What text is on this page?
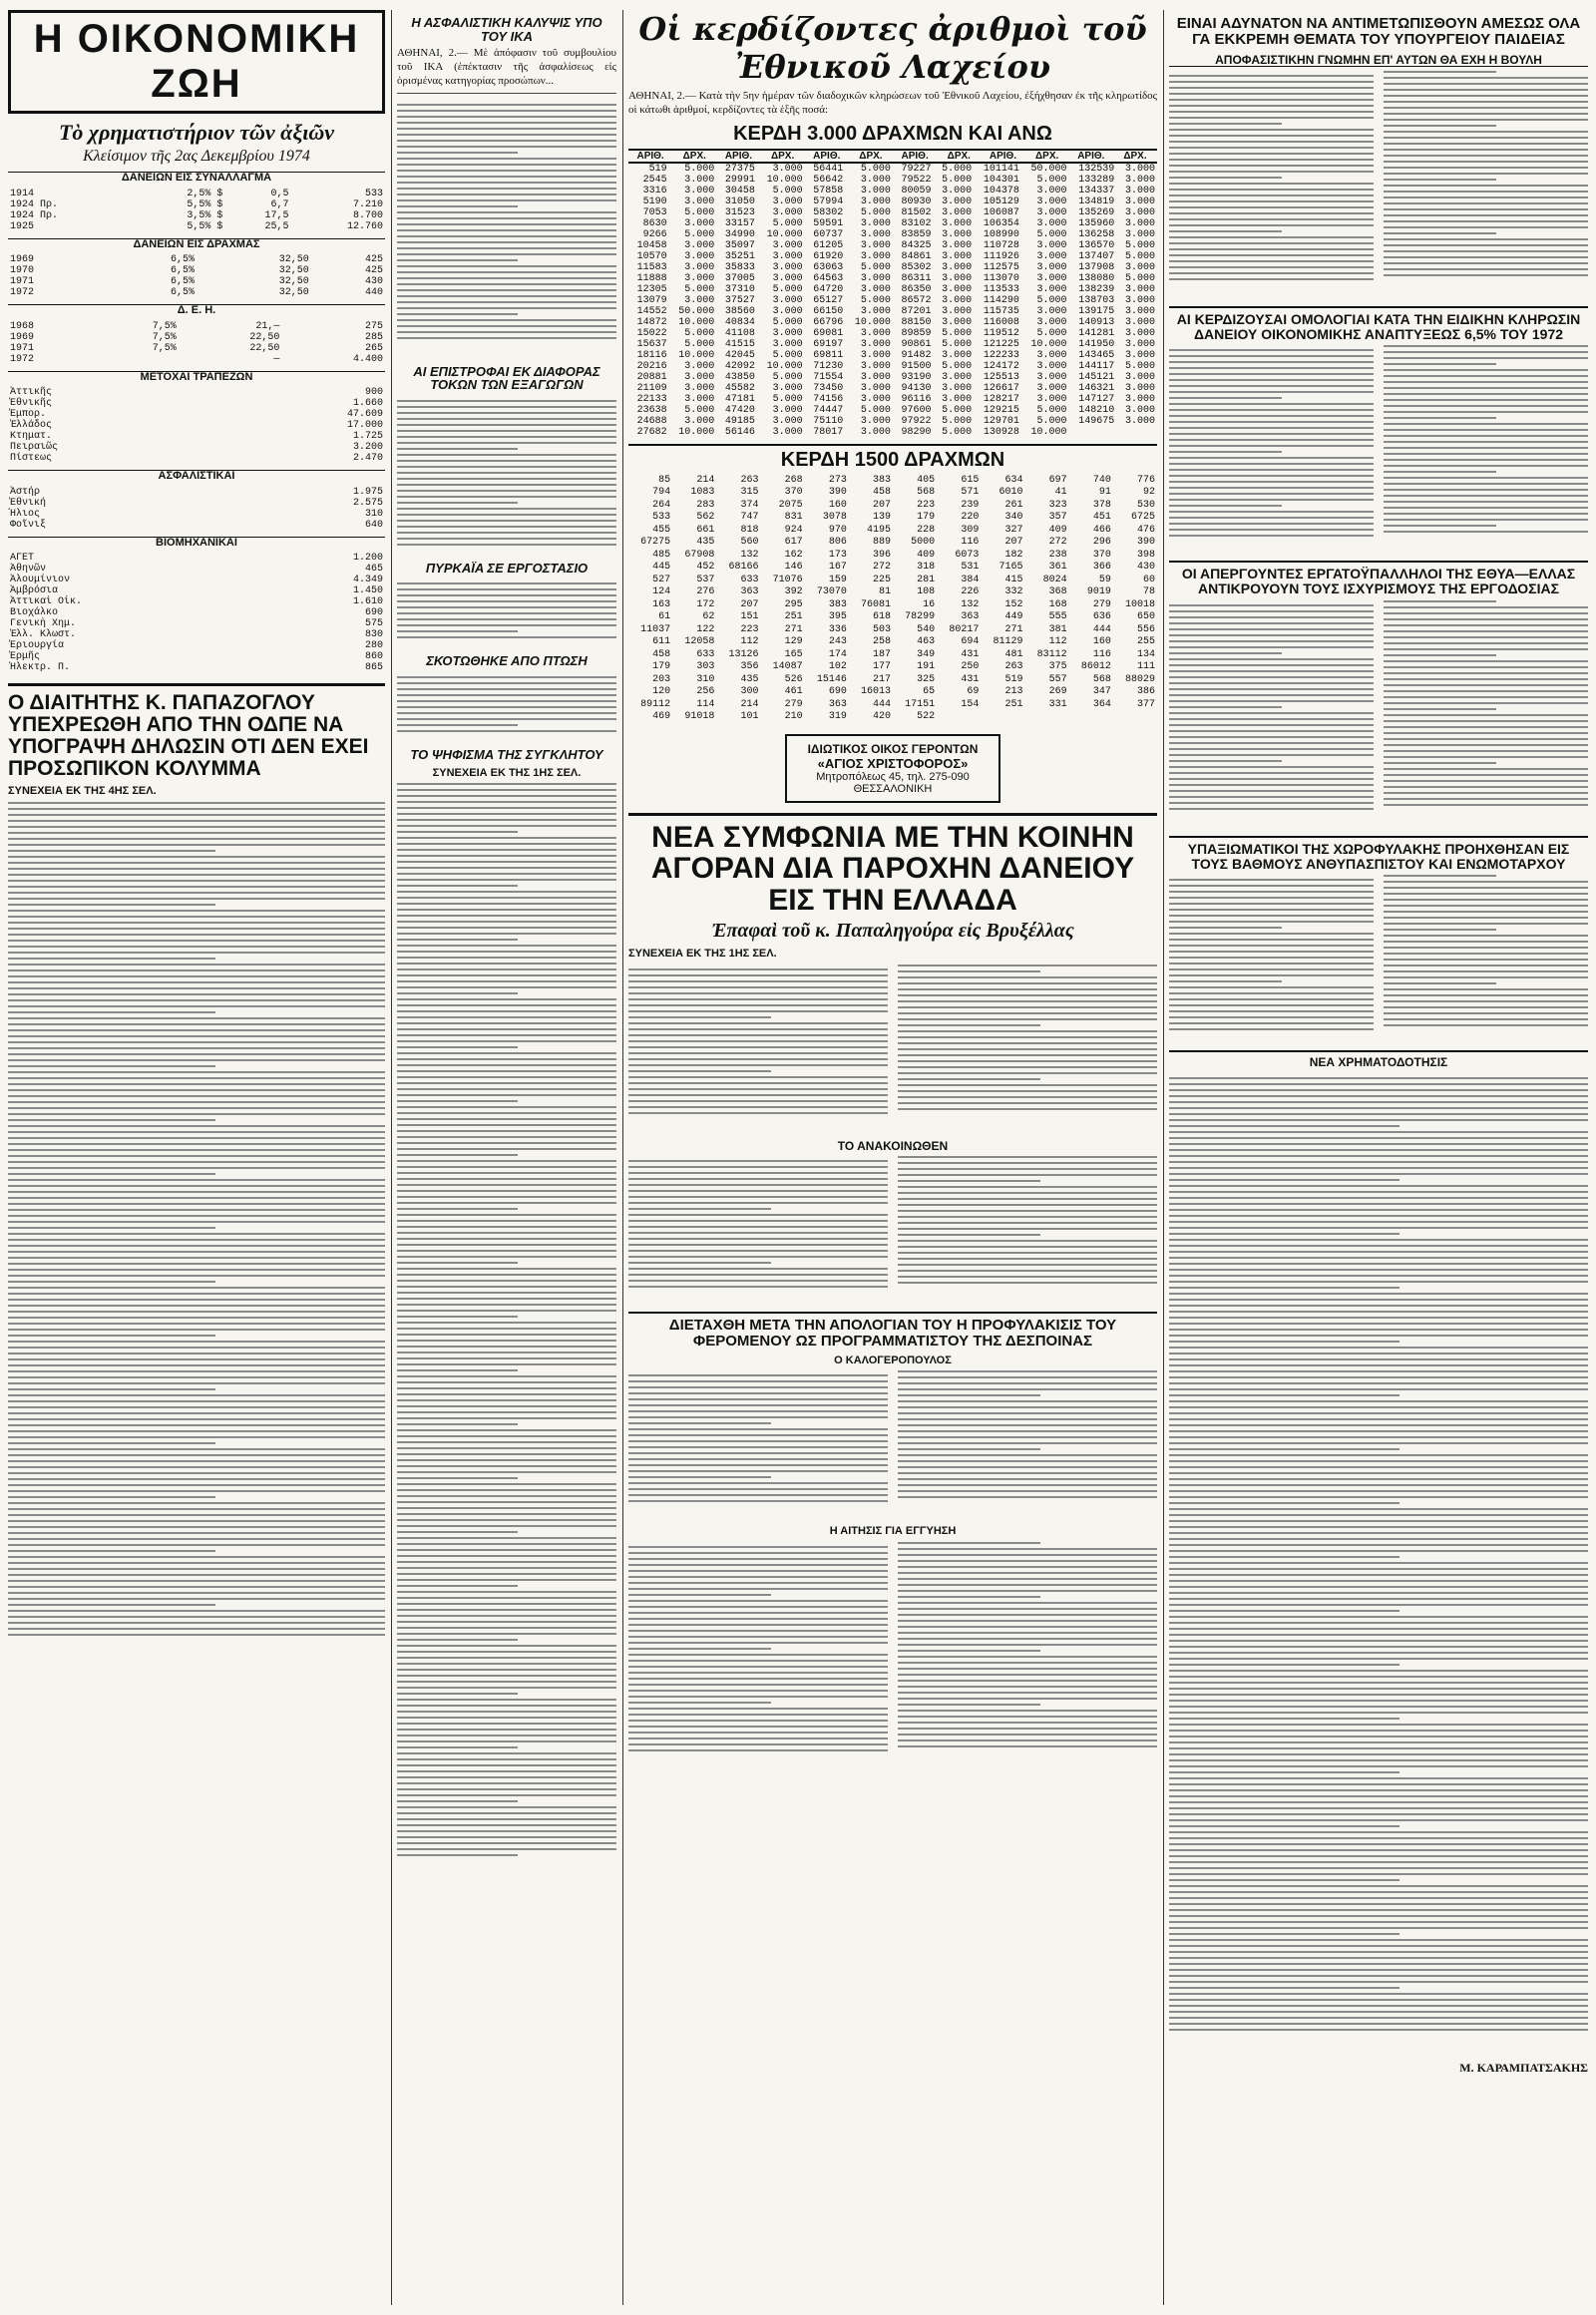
Η ΟΙΚΟΝΟΜΙΚΗ ΖΩΗ
Τὸ χρηματιστήριον τῶν ἀξιῶν
Κλείσιμον τῆς 2ας Δεκεμβρίου 1974
ΔΑΝΕΙΩΝ ΕΙΣ ΣΥΝΑΛΛΑΓΜΑ
1914	2,5% $	0,5	533
1924 Πρ.	5,5% $	6,7	7.210
1924 Πρ.	3,5% $	17,5	8.700
1925	5,5% $	25,5	12.760
ΔΑΝΕΙΩΝ ΕΙΣ ΔΡΑΧΜΑΣ
1969	6,5%	32,50	425
1970	6,5%	32,50	425
1971	6,5%	32,50	430
1972	6,5%	32,50	440
Δ. Ε. Η.
1968	7,5%	21,—	275
1969	7,5%	22,50	285
1971	7,5%	22,50	265
1972		—	4.400
ΜΕΤΟΧΑΙ ΤΡΑΠΕΖΩΝ
Ἀττικῆς			900
Ἐθνικῆς			1.660
Ἐμπορ.			47.609
Ἑλλάδος			17.000
Κτηματ.			1.725
Πειραιῶς			3.200
Πίστεως			2.470
ΑΣΦΑΛΙΣΤΙΚΑΙ
Ἀστήρ			1.975
Ἐθνική			2.575
Ἥλιος			310
Φοῖνιξ			640
ΒΙΟΜΗΧΑΝΙΚΑΙ
ΑΓΕΤ			1.200
Ἀθηνῶν			465
Ἀλουμίνιον			4.349
Ἀμβρόσια			1.450
Ἀττικαὶ Οἰκ.			1.610
Βιοχάλκο			690
Γενικὴ Χημ.			575
Ἑλλ. Κλωστ.			830
Ἐριουργία			280
Ἐρμῆς			860
Ἠλεκτρ. Π.			865
Ο ΔΙΑΙΤΗΤΗΣ Κ. ΠΑΠΑΖΟΓΛΟΥ ΥΠΕΧΡΕΩΘΗ ΑΠΟ ΤΗΝ ΟΔΠΕ ΝΑ ΥΠΟΓΡΑΨΗ ΔΗΛΩΣΙΝ ΟΤΙ ΔΕΝ ΕΧΕΙ ΠΡΟΣΩΠΙΚΟΝ ΚΟΛΥΜΜΑ
ΣΥΝΕΧΕΙΑ ΕΚ ΤΗΣ 4ΗΣ ΣΕΛ.
Η ΑΣΦΑΛΙΣΤΙΚΗ ΚΑΛΥΨΙΣ ΥΠΟ ΤΟΥ ΙΚΑ
ΑΘΗΝΑΙ, 2.— Μὲ ἀπόφασιν τοῦ συμβουλίου τοῦ ΙΚΑ (ἐπέκτασιν τῆς ἀσφαλίσεως εἰς ὁρισμένας κατηγορίας προσώπων...
ΑΙ ΕΠΙΣΤΡΟΦΑΙ ΕΚ ΔΙΑΦΟΡΑΣ ΤΟΚΩΝ ΤΩΝ ΕΞΑΓΩΓΩΝ
ΠΥΡΚΑΪΑ ΣΕ ΕΡΓΟΣΤΑΣΙΟ
ΣΚΟΤΩΘΗΚΕ ΑΠΟ ΠΤΩΣΗ
ΤΟ ΨΗΦΙΣΜΑ ΤΗΣ ΣΥΓΚΛΗΤΟΥ
ΣΥΝΕΧΕΙΑ ΕΚ ΤΗΣ 1ΗΣ ΣΕΛ.
Οἱ κερδίζοντες ἀριθμοὶ τοῦ Ἐθνικοῦ Λαχείου
ΑΘΗΝΑΙ, 2.— Κατὰ τὴν 5ην ἡμέραν τῶν διαδοχικῶν κληρώσεων τοῦ Ἐθνικοῦ Λαχείου, ἐξήχθησαν ἐκ τῆς κληρωτίδος οἱ κάτωθι ἀριθμοί, κερδίζοντες τὰ ἑξῆς ποσά:
ΚΕΡΔΗ 3.000 ΔΡΑΧΜΩΝ ΚΑΙ ΑΝΩ
ΑΡΙΘ.	ΔΡΧ.	ΑΡΙΘ.	ΔΡΧ.	ΑΡΙΘ.	ΔΡΧ.	ΑΡΙΘ.	ΔΡΧ.	ΑΡΙΘ.	ΔΡΧ.	ΑΡΙΘ.	ΔΡΧ.
519	5.000	27375	3.000	56441	5.000	79227	5.000	101141	50.000	132539	3.000
2545	3.000	29991	10.000	56642	3.000	79522	5.000	104301	5.000	133289	3.000
3316	3.000	30458	5.000	57858	3.000	80059	3.000	104378	3.000	134337	3.000
5190	3.000	31050	3.000	57994	3.000	80930	3.000	105129	3.000	134819	3.000
7053	5.000	31523	3.000	58302	5.000	81502	3.000	106087	3.000	135269	3.000
8630	3.000	33157	5.000	59591	3.000	83102	3.000	106354	3.000	135960	3.000
9266	5.000	34990	10.000	60737	3.000	83859	3.000	108990	5.000	136258	3.000
10458	3.000	35097	3.000	61205	3.000	84325	3.000	110728	3.000	136570	5.000
10570	3.000	35251	3.000	61920	3.000	84861	3.000	111926	3.000	137407	5.000
11583	3.000	35833	3.000	63063	5.000	85302	3.000	112575	3.000	137908	3.000
11888	3.000	37005	3.000	64563	3.000	86311	3.000	113070	3.000	138080	5.000
12305	5.000	37310	5.000	64720	3.000	86350	3.000	113533	3.000	138239	3.000
13079	3.000	37527	3.000	65127	5.000	86572	3.000	114290	5.000	138703	3.000
14552	50.000	38560	3.000	66150	3.000	87201	3.000	115735	3.000	139175	3.000
14872	10.000	40834	5.000	66796	10.000	88150	3.000	116008	3.000	140913	3.000
15022	5.000	41108	3.000	69081	3.000	89859	5.000	119512	5.000	141281	3.000
15637	5.000	41515	3.000	69197	3.000	90861	5.000	121225	10.000	141950	3.000
18116	10.000	42045	5.000	69811	3.000	91482	3.000	122233	3.000	143465	3.000
20216	3.000	42092	10.000	71230	3.000	91500	5.000	124172	3.000	144117	5.000
20881	3.000	43850	5.000	71554	3.000	93190	3.000	125513	3.000	145121	3.000
21109	3.000	45582	3.000	73450	3.000	94130	3.000	126617	3.000	146321	3.000
22133	3.000	47181	5.000	74156	3.000	96116	3.000	128217	3.000	147127	3.000
23638	5.000	47420	3.000	74447	5.000	97600	5.000	129215	5.000	148210	3.000
24688	3.000	49185	3.000	75110	3.000	97922	5.000	129701	5.000	149675	3.000
27682	10.000	56146	3.000	78017	3.000	98290	5.000	130928	10.000		
ΚΕΡΔΗ 1500 ΔΡΑΧΜΩΝ
85	214	263	268	273	383	405	615	634	697	740	776
794	1083	315	370	390	458	568	571	6010	41	91	92
264	283	374	2075	160	207	223	239	261	323	378	530
533	562	747	831	3078	139	179	220	340	357	451	6725
455	661	818	924	970	4195	228	309	327	409	466	476
67275	435	560	617	806	889	5000	116	207	272	296	390
485	67908	132	162	173	396	409	6073	182	238	370	398
445	452	68166	146	167	272	318	531	7165	361	366	430
527	537	633	71076	159	225	281	384	415	8024	59	60
124	276	363	392	73070	81	108	226	332	368	9019	78
163	172	207	295	383	76081	16	132	152	168	279	10018
61	62	151	251	395	618	78299	363	449	555	636	650
11037	122	223	271	336	503	540	80217	271	381	444	556
611	12058	112	129	243	258	463	694	81129	112	160	255
458	633	13126	165	174	187	349	431	481	83112	116	134
179	303	356	14087	102	177	191	250	263	375	86012	111
203	310	435	526	15146	217	325	431	519	557	568	88029
120	256	300	461	690	16013	65	69	213	269	347	386
89112	114	214	279	363	444	17151	154	251	331	364	377
469	91018	101	210	319	420	522
ΙΔΙΩΤΙΚΟΣ ΟΙΚΟΣ ΓΕΡΟΝΤΩΝ
«ΑΓΙΟΣ ΧΡΙΣΤΟΦΟΡΟΣ»
Μητροπόλεως 45, τηλ. 275-090 ΘΕΣΣΑΛΟΝΙΚΗ
ΝΕΑ ΣΥΜΦΩΝΙΑ ΜΕ ΤΗΝ ΚΟΙΝΗΝ ΑΓΟΡΑΝ ΔΙΑ ΠΑΡΟΧΗΝ ΔΑΝΕΙΟΥ ΕΙΣ ΤΗΝ ΕΛΛΑΔΑ
Ἐπαφαὶ τοῦ κ. Παπαληγούρα εἰς Βρυξέλλας
ΣΥΝΕΧΕΙΑ ΕΚ ΤΗΣ 1ΗΣ ΣΕΛ.
ΤΟ ΑΝΑΚΟΙΝΩΘΕΝ
ΔΙΕΤΑΧΘΗ ΜΕΤΑ ΤΗΝ ΑΠΟΛΟΓΙΑΝ ΤΟΥ Η ΠΡΟΦΥΛΑΚΙΣΙΣ ΤΟΥ ΦΕΡΟΜΕΝΟΥ ΩΣ ΠΡΟΓΡΑΜΜΑΤΙΣΤΟΥ ΤΗΣ ΔΕΣΠΟΙΝΑΣ
Ο ΚΑΛΟΓΕΡΟΠΟΥΛΟΣ
Η ΑΙΤΗΣΙΣ ΓΙΑ ΕΓΓΥΗΣΗ
ΕΙΝΑΙ ΑΔΥΝΑΤΟΝ ΝΑ ΑΝΤΙΜΕΤΩΠΙΣΘΟΥΝ ΑΜΕΣΩΣ ΟΛΑ ΓΑ ΕΚΚΡΕΜΗ ΘΕΜΑΤΑ ΤΟΥ ΥΠΟΥΡΓΕΙΟΥ ΠΑΙΔΕΙΑΣ
ΑΠΟΦΑΣΙΣΤΙΚΗΝ ΓΝΩΜΗΝ ΕΠ' ΑΥΤΩΝ ΘΑ ΕΧΗ Η ΒΟΥΛΗ
ΑΙ ΚΕΡΔΙΖΟΥΣΑΙ ΟΜΟΛΟΓΙΑΙ ΚΑΤΑ ΤΗΝ ΕΙΔΙΚΗΝ ΚΛΗΡΩΣΙΝ ΔΑΝΕΙΟΥ ΟΙΚΟΝΟΜΙΚΗΣ ΑΝΑΠΤΥΞΕΩΣ 6,5% ΤΟΥ 1972
ΟΙ ΑΠΕΡΓΟΥΝΤΕΣ ΕΡΓΑΤΟΫΠΑΛΛΗΛΟΙ ΤΗΣ ΕΘΥΑ—ΕΛΛΑΣ ΑΝΤΙΚΡΟΥΟΥΝ ΤΟΥΣ ΙΣΧΥΡΙΣΜΟΥΣ ΤΗΣ ΕΡΓΟΔΟΣΙΑΣ
ΥΠΑΞΙΩΜΑΤΙΚΟΙ ΤΗΣ ΧΩΡΟΦΥΛΑΚΗΣ ΠΡΟΗΧΘΗΣΑΝ ΕΙΣ ΤΟΥΣ ΒΑΘΜΟΥΣ ΑΝΘΥΠΑΣΠΙΣΤΟΥ ΚΑΙ ΕΝΩΜΟΤΑΡΧΟΥ
ΝΕΑ ΧΡΗΜΑΤΟΔΟΤΗΣΙΣ
Μ. ΚΑΡΑΜΠΑΤΣΑΚΗΣ
